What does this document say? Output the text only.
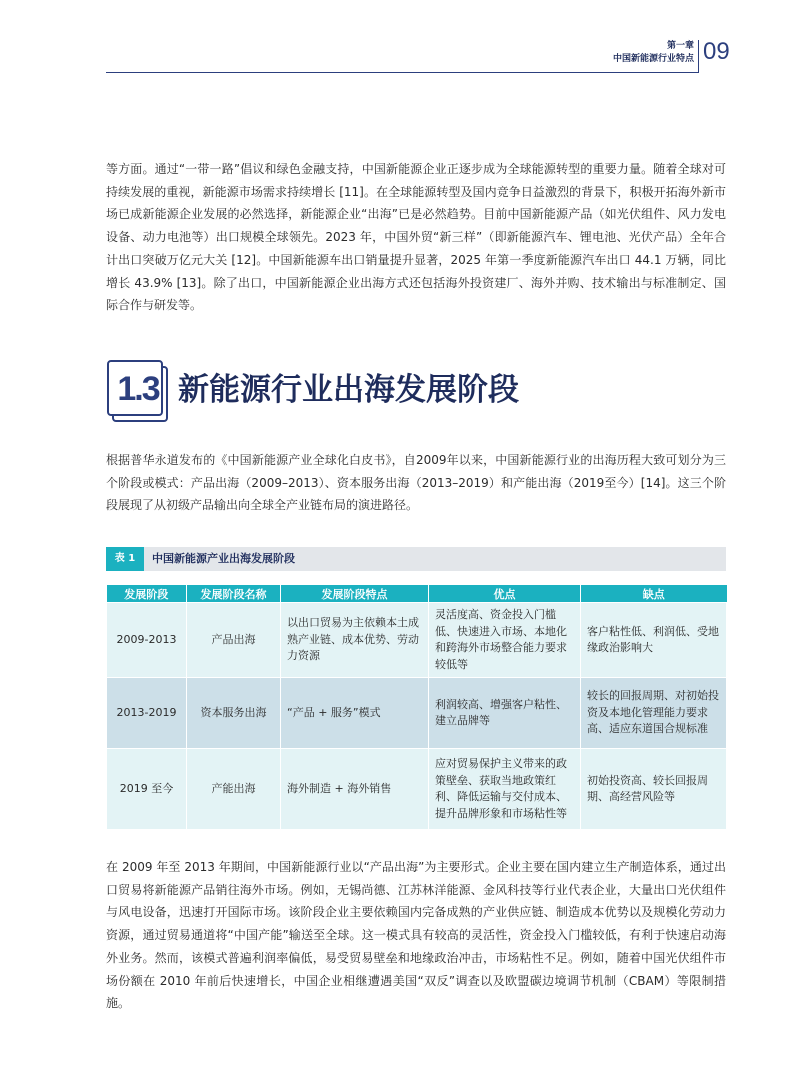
第一章
中国新能源行业特点 09

等方面。通过“一带一路”倡议和绿色金融支持，中国新能源企业正逐步成为全球能源转型的重要力量。随着全球对可持续发展的重视，新能源市场需求持续增长 [11]。在全球能源转型及国内竞争日益激烈的背景下，积极开拓海外新市场已成新能源企业发展的必然选择，新能源企业“出海”已是必然趋势。目前中国新能源产品（如光伏组件、风力发电设备、动力电池等）出口规模全球领先。2023 年，中国外贸“新三样”（即新能源汽车、锂电池、光伏产品）全年合计出口突破万亿元大关 [12]。中国新能源车出口销量提升显著，2025 年第一季度新能源汽车出口 44.1 万辆，同比增长 43.9% [13]。除了出口，中国新能源企业出海方式还包括海外投资建厂、海外并购、技术输出与标准制定、国际合作与研发等。

1.3 新能源行业出海发展阶段

根据普华永道发布的《中国新能源产业全球化白皮书》，自2009年以来，中国新能源行业的出海历程大致可划分为三个阶段或模式：产品出海（2009–2013）、资本服务出海（2013–2019）和产能出海（2019至今）[14]。这三个阶段展现了从初级产品输出向全球全产业链布局的演进路径。

表 1	中国新能源产业出海发展阶段
发展阶段	发展阶段名称	发展阶段特点	优点	缺点
2009-2013	产品出海	以出口贸易为主依赖本土成熟产业链、成本优势、劳动力资源	灵活度高、资金投入门槛低、快速进入市场、本地化和跨海外市场整合能力要求较低等	客户粘性低、利润低、受地缘政治影响大
2013-2019	资本服务出海	“产品 + 服务”模式	利润较高、增强客户粘性、建立品牌等	较长的回报周期、对初始投资及本地化管理能力要求高、适应东道国合规标准
2019 至今	产能出海	海外制造 + 海外销售	应对贸易保护主义带来的政策壁垒、获取当地政策红利、降低运输与交付成本、提升品牌形象和市场粘性等	初始投资高、较长回报周期、高经营风险等

在 2009 年至 2013 年期间，中国新能源行业以“产品出海”为主要形式。企业主要在国内建立生产制造体系，通过出口贸易将新能源产品销往海外市场。例如，无锡尚德、江苏林洋能源、金风科技等行业代表企业，大量出口光伏组件与风电设备，迅速打开国际市场。该阶段企业主要依赖国内完备成熟的产业供应链、制造成本优势以及规模化劳动力资源，通过贸易通道将“中国产能”输送至全球。这一模式具有较高的灵活性，资金投入门槛较低，有利于快速启动海外业务。然而，该模式普遍利润率偏低，易受贸易壁垒和地缘政治冲击，市场粘性不足。例如，随着中国光伏组件市场份额在 2010 年前后快速增长，中国企业相继遭遇美国“双反”调查以及欧盟碳边境调节机制（CBAM）等限制措施。
